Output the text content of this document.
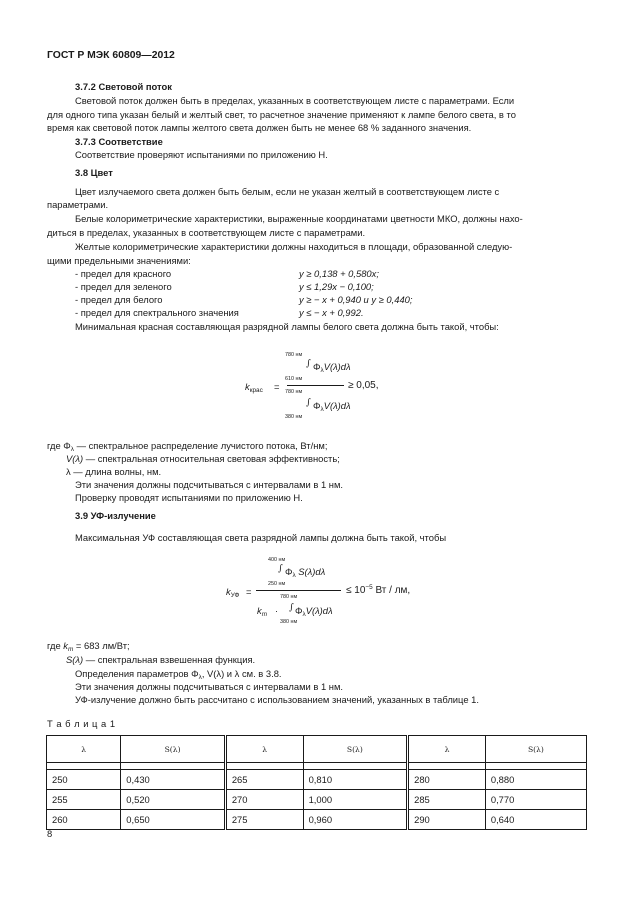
ГОСТ Р МЭК 60809—2012
3.7.2 Световой поток
Световой поток должен быть в пределах, указанных в соответствующем листе с параметрами. Если
для одного типа указан белый и желтый свет, то расчетное значение применяют к лампе белого света, в то
время как световой поток лампы желтого света должен быть не менее 68 % заданного значения.
3.7.3 Соответствие
Соответствие проверяют испытаниями по приложению Н.
3.8 Цвет
Цвет излучаемого света должен быть белым, если не указан желтый в соответствующем листе с
параметрами.
Белые колориметрические характеристики, выраженные координатами цветности МКО, должны нахо-
диться в пределах, указанных в соответствующем листе с параметрами.
Желтые колориметрические характеристики должны находиться в площади, образованной следую-
щими предельными значениями:
- предел для красного	y ≥ 0,138 + 0,580x;
- предел для зеленого	y ≤ 1,29x − 0,100;
- предел для белого	y ≥ − x + 0,940 и y ≥ 0,440;
- предел для спектрального значения	y ≤ − x + 0,992.
Минимальная красная составляющая разрядной лампы белого света должна быть такой, чтобы:
$k_{крас}$ =
780 нм
∫ $\Phi_\lambda V(\lambda)d\lambda$
610 нм
780 нм
∫ $\Phi_\lambda V(\lambda)d\lambda$
380 нм
≥ 0,05,
где $\Phi_\lambda$ — спектральное распределение лучистого потока, Вт/нм;
V(λ) — спектральная относительная световая эффективность;
λ — длина волны, нм.
Эти значения должны подсчитываться с интервалами в 1 нм.
Проверку проводят испытаниями по приложению Н.
3.9 УФ-излучение
Максимальная УФ составляющая света разрядной лампы должна быть такой, чтобы
$k_{УФ}$ =
400 нм
∫ $\Phi_\lambda$ S(λ)dλ
250 нм
780 нм
$k_m$ · ∫ $\Phi_\lambda V(\lambda)d\lambda$
380 нм
≤ $10^{-5}$ Вт / лм,
где $k_m = 683$ лм/Вт;
S(λ) — спектральная взвешенная функция.
Определения параметров $\Phi_\lambda$, V(λ) и λ см. в 3.8.
Эти значения должны подсчитываться с интервалами в 1 нм.
УФ-излучение должно быть рассчитано с использованием значений, указанных в таблице 1.
Т а б л и ц а 1
λ	S(λ)	λ	S(λ)	λ	S(λ)

250	0,430	265	0,810	280	0,880
255	0,520	270	1,000	285	0,770
260	0,650	275	0,960	290	0,640
8
